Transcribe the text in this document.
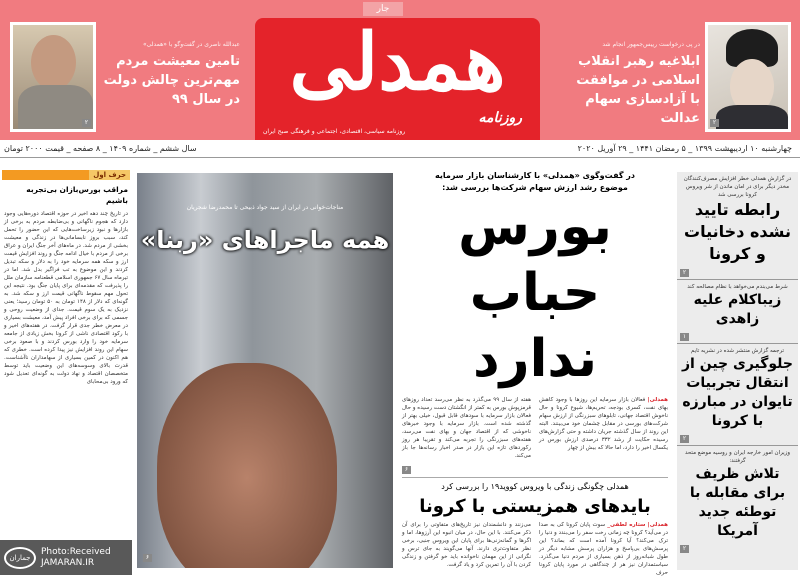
جار
همدلی
روزنامه
روزنامه سیاسی، اقتصادی، اجتماعی و فرهنگی صبح ایران
۲
عبدالله ناصری در گفت‌وگو با «همدلی»
تامین معیشت مردم مهم‌ترین چالش دولت در سال ۹۹
۲
در پی درخواست رییس‌جمهور انجام شد
ابلاغیه رهبر انقلاب اسلامی در موافقت با آزادسازی سهام عدالت
چهارشنبه ۱۰ اردیبهشت ۱۳۹۹ _ ۵ رمضان ۱۴۴۱ _ ۲۹ آوریل ۲۰۲۰
سال ششم _ شماره ۱۴۰۹ _ ۸ صفحه _ قیمت ۲۰۰۰ تومان
حرف اول
مراقب بورس‌بازان بی‌تجربه باشیم
در تاریخ چند دهه اخیر در حوزه اقتصاد دوره‌هایی وجود دارد که هجوم ناگهانی و بی‌ضابطه مردم به برخی از بازارها و نبود زیرساخت‌هایی که این حضور را تحمل کند، سبب بروز نابسامانی‌ها در زندگی و معیشت بخشی از مردم شد. در ماه‌های آخر جنگ ایران و عراق برخی از مردم با خیال ادامه جنگ و روند افزایش قیمت ارز و سکه همه سرمایه خود را به دلار و سکه تبدیل کردند و این موضوع به تب فراگیر بدل شد. اما در تیرماه سال ۶۷ جمهوری اسلامی قطعنامه سازمان ملل را پذیرفت که مقدمه‌ای برای پایان جنگ بود. نتیجه این تحول مهم سقوط ناگهانی قیمت ارز و سکه شد. به گونه‌ای که دلار از ۱۴۸ تومان به ۵۰ تومان رسید؛ یعنی نزدیک به یک سوم قیمت. جدای از وضعیت روحی و جسمی که برای برخی افراد پیش آمد، معیشت بسیاری در معرض خطر جدی قرار گرفت. در هفته‌های اخیر و با رکود اقتصادی ناشی از کرونا بخش زیادی از جامعه سرمایه خود را وارد بورس کردند و با صعود برخی سهام این روند افزایش نیز پیدا کرده است. خطری که هم اکنون در کمین بسیاری از سهامداران ناآشناست. قدرت بالای وسوسه‌های این وضعیت باید توسط متخصصان اقتصاد و نهاد دولت به گونه‌ای تعدیل شود که ورود بی‌محابای
جماران
Photo:Received
JAMARAN.IR
مناجات‌خوانی در ایران از سید جواد ذبیحی تا محمدرضا شجریان
همه ماجراهای «ربنا»
۶
در گفت‌وگوی «همدلی» با کارشناسان بازار سرمایه
موضوع رشد ارزش سهام شرکت‌ها بررسی شد:
بورس
حباب ندارد
همدلی| فعالان بازار سرمایه این روزها با وجود کاهش بهای نفت، کسری بودجه، تحریم‌ها، شیوع کرونا و حال ناخوش اقتصاد جهانی، تابلوهای سبزرنگی از ارزش سهام شرکت‌های بورسی در مقابل چشمان خود می‌بینند. البته این روند از سال گذشته جریان داشته و حتی گزارش‌های رسیده حکایت از رشد ۳۳۲ درصدی ارزش بورس در یکسال اخیر را دارد، اما حالا که بیش از چهار
هفته از سال ۹۹ می‌گذرد به نظر می‌رسد تعداد روزهای قرمزپوش بورس به کمتر از انگشتان دست رسیده و حال فعالان بازار سرمایه با سودهای قابل قبول، خیلی بهتر از گذشته شده است. بازار سرمایه با وجود خبرهای ناخوشی که از اقتصاد جهان و بهای نفت می‌رسد، هفته‌های سبزرنگی را تجربه می‌کند و تقریبا هر روز رکوردهای تازه این بازار در صدر اخبار رسانه‌ها جا باز می‌کند.
۶
همدلی چگونگی زندگی با ویروس کووید۱۹ را بررسی کرد
بایدهای همزیستی با کرونا
همدلی| ستاره لطفی_ سوت پایان کرونا کی به صدا در می‌آید؟ کرونا چه زمانی رخت سفر را می‌بندد و دنیا را ترک می‌کند؟ آیا کرونا آمده است که بماند؟ این پرسش‌های بی‌پاسخ و هزاران پرسش مشابه دیگر در طول شبانه‌روز از ذهن بسیاری از مردم دنیا می‌گذرد. سیاستمداران نیز هر از چندگاهی در مورد پایان کرونا حرف
می‌زنند و دانشمندان نیز تاریخ‌های متفاوتی را برای آن ذکر می‌کنند. با این حال، در میان انبوه این آرزوها، اما و اگرها و گمانه‌زنی‌ها برای پایان این ویروس جنبی، برخی نظر متفاوت‌تری دارند. آنها می‌گویند به جای ترس و نگرانی از این مهمان ناخوانده باید خو گرفتن و زندگی کردن با آن را تمرین کرد و یاد گرفت.
در گزارش همدلی خطر افزایش مصرف‌کنندگان مخدر دیگر برای در امان ماندن از شر ویروس کرونا بررسی شد
رابطه تایید نشده دخانیات و کرونا
۲
شرط می‌بندم می‌خواهد با نظام مصالحه کند
زیباکلام علیه زاهدی
۱
ترجمه گزارش منتشر شده در نشریه تایم
جلوگیری چین از انتقال تجربیات تایوان در مبارزه با کرونا
۲
وزیران امور خارجه ایران و روسیه موضع متحد گرفتند:
تلاش ظریف برای مقابله با توطئه جدید آمریکا
۲
